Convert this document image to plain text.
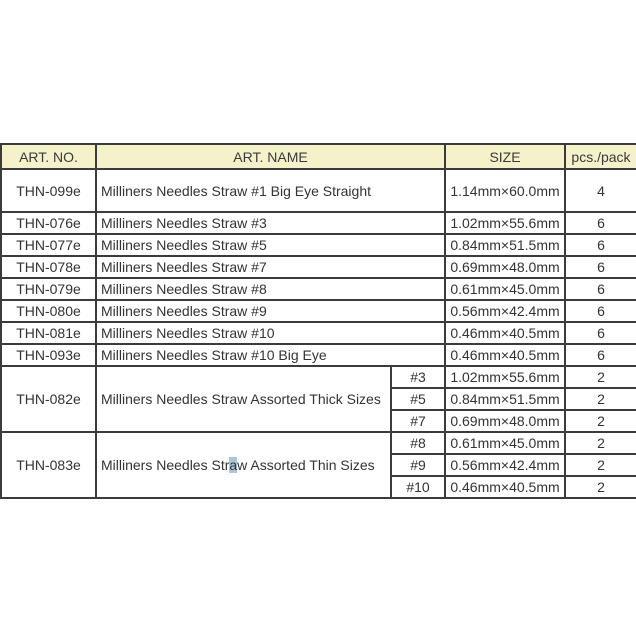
ART. NO.	ART. NAME		SIZE	pcs./pack
THN-099e	Milliners Needles Straw #1 Big Eye Straight		1.14mm×60.0mm	4
THN-076e	Milliners Needles Straw #3		1.02mm×55.6mm	6
THN-077e	Milliners Needles Straw #5		0.84mm×51.5mm	6
THN-078e	Milliners Needles Straw #7		0.69mm×48.0mm	6
THN-079e	Milliners Needles Straw #8		0.61mm×45.0mm	6
THN-080e	Milliners Needles Straw #9		0.56mm×42.4mm	6
THN-081e	Milliners Needles Straw #10		0.46mm×40.5mm	6
THN-093e	Milliners Needles Straw #10 Big Eye		0.46mm×40.5mm	6
THN-082e	Milliners Needles Straw Assorted Thick Sizes	#3	1.02mm×55.6mm	2
		#5	0.84mm×51.5mm	2
		#7	0.69mm×48.0mm	2
THN-083e	Milliners Needles Straw Assorted Thin Sizes	#8	0.61mm×45.0mm	2
		#9	0.56mm×42.4mm	2
		#10	0.46mm×40.5mm	2
